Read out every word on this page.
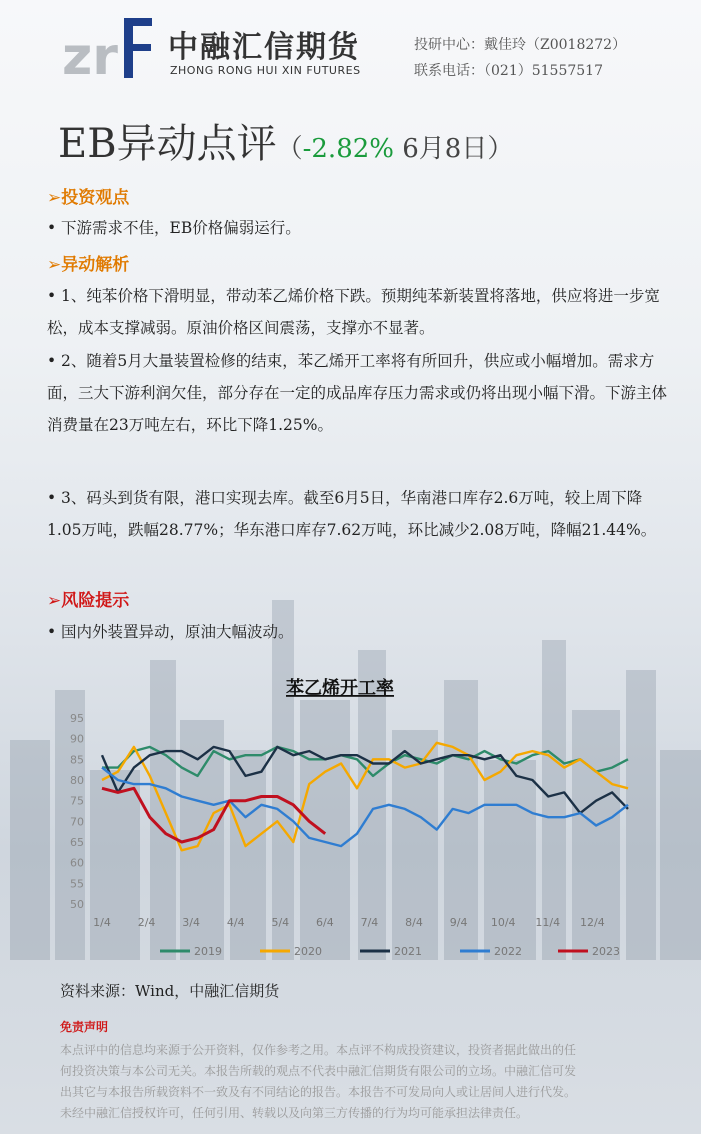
zr 中融汇信期货
ZHONG RONG HUI XIN FUTURES
投研中心：戴佳玲（Z0018272）
联系电话：（021）51557517
EB异动点评（-2.82% 6月8日）
➢投资观点
• 下游需求不佳，EB价格偏弱运行。
➢异动解析
• 1、纯苯价格下滑明显，带动苯乙烯价格下跌。预期纯苯新装置将落地，供应将进一步宽松，成本支撑减弱。原油价格区间震荡，支撑亦不显著。
• 2、随着5月大量装置检修的结束，苯乙烯开工率将有所回升，供应或小幅增加。需求方面，三大下游利润欠佳，部分存在一定的成品库存压力需求或仍将出现小幅下滑。下游主体消费量在23万吨左右，环比下降1.25%。
• 3、码头到货有限，港口实现去库。截至6月5日，华南港口库存2.6万吨，较上周下降1.05万吨，跌幅28.77%；华东港口库存7.62万吨，环比减少2.08万吨，降幅21.44%。
➢风险提示
• 国内外装置异动，原油大幅波动。
苯乙烯开工率
50
55
60
65
70
75
80
85
90
95
1/4 2/4 3/4 4/4 5/4 6/4 7/4 8/4 9/4 10/4 11/4 12/4
2019	2020	2021	2022	2023
资料来源：Wind，中融汇信期货
免责声明
本点评中的信息均来源于公开资料，仅作参考之用。本点评不构成投资建议，投资者据此做出的任
何投资决策与本公司无关。本报告所载的观点不代表中融汇信期货有限公司的立场。中融汇信可发
出其它与本报告所载资料不一致及有不同结论的报告。本报告不可发局向人或让居间人进行代发。
未经中融汇信授权许可，任何引用、转载以及向第三方传播的行为均可能承担法律责任。
